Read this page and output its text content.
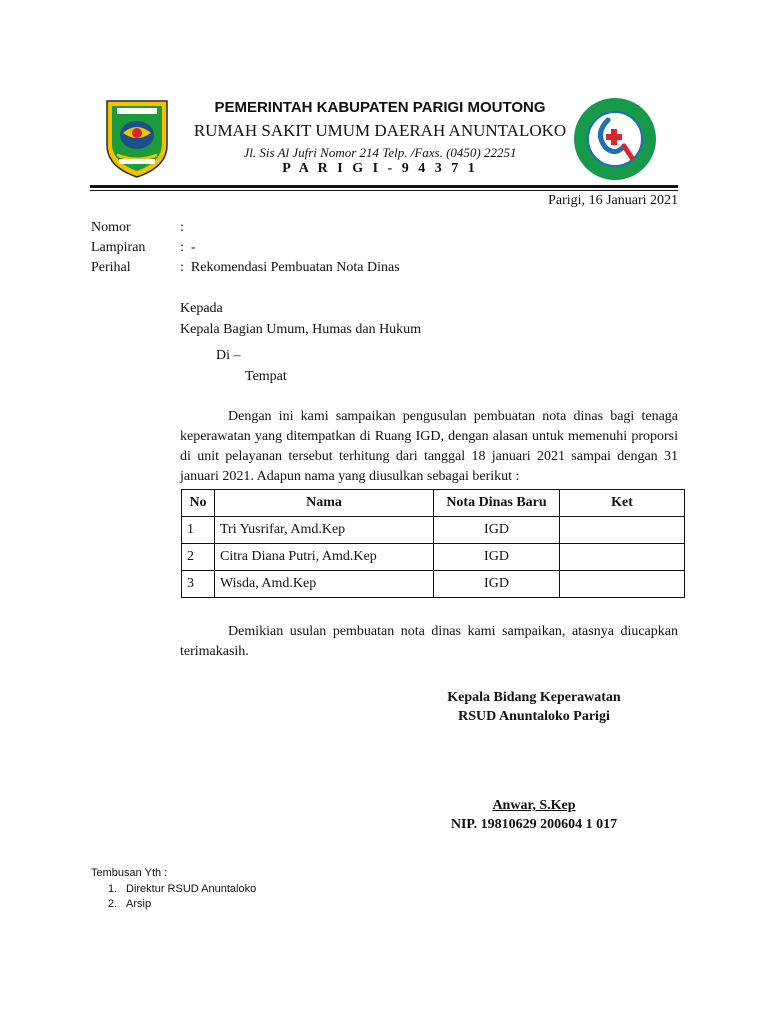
PEMERINTAH KABUPATEN PARIGI MOUTONG
RUMAH SAKIT UMUM DAERAH ANUNTALOKO
Jl. Sis Al Jufri Nomor 214 Telp. /Faxs. (0450) 22251
P A R I G I - 9 4 3 7 1
Parigi, 16 Januari 2021
Nomor	:
Lampiran :  -
Perihal	:  Rekomendasi Pembuatan Nota Dinas
Kepada
Kepala Bagian Umum, Humas dan Hukum
Di –
Tempat
Dengan ini kami sampaikan pengusulan pembuatan nota dinas bagi tenaga keperawatan yang ditempatkan di Ruang IGD, dengan alasan untuk memenuhi proporsi di unit pelayanan tersebut terhitung dari tanggal 18 januari 2021 sampai dengan 31 januari 2021. Adapun nama yang diusulkan sebagai berikut :
No	Nama	Nota Dinas Baru	Ket
1	Tri Yusrifar, Amd.Kep	IGD	
2	Citra Diana Putri, Amd.Kep	IGD	
3	Wisda, Amd.Kep	IGD	
Demikian usulan pembuatan nota dinas kami sampaikan, atasnya diucapkan terimakasih.
Kepala Bidang Keperawatan
RSUD Anuntaloko Parigi
Anwar, S.Kep
NIP. 19810629 200604 1 017
Tembusan Yth :
1. Direktur RSUD Anuntaloko
2. Arsip
